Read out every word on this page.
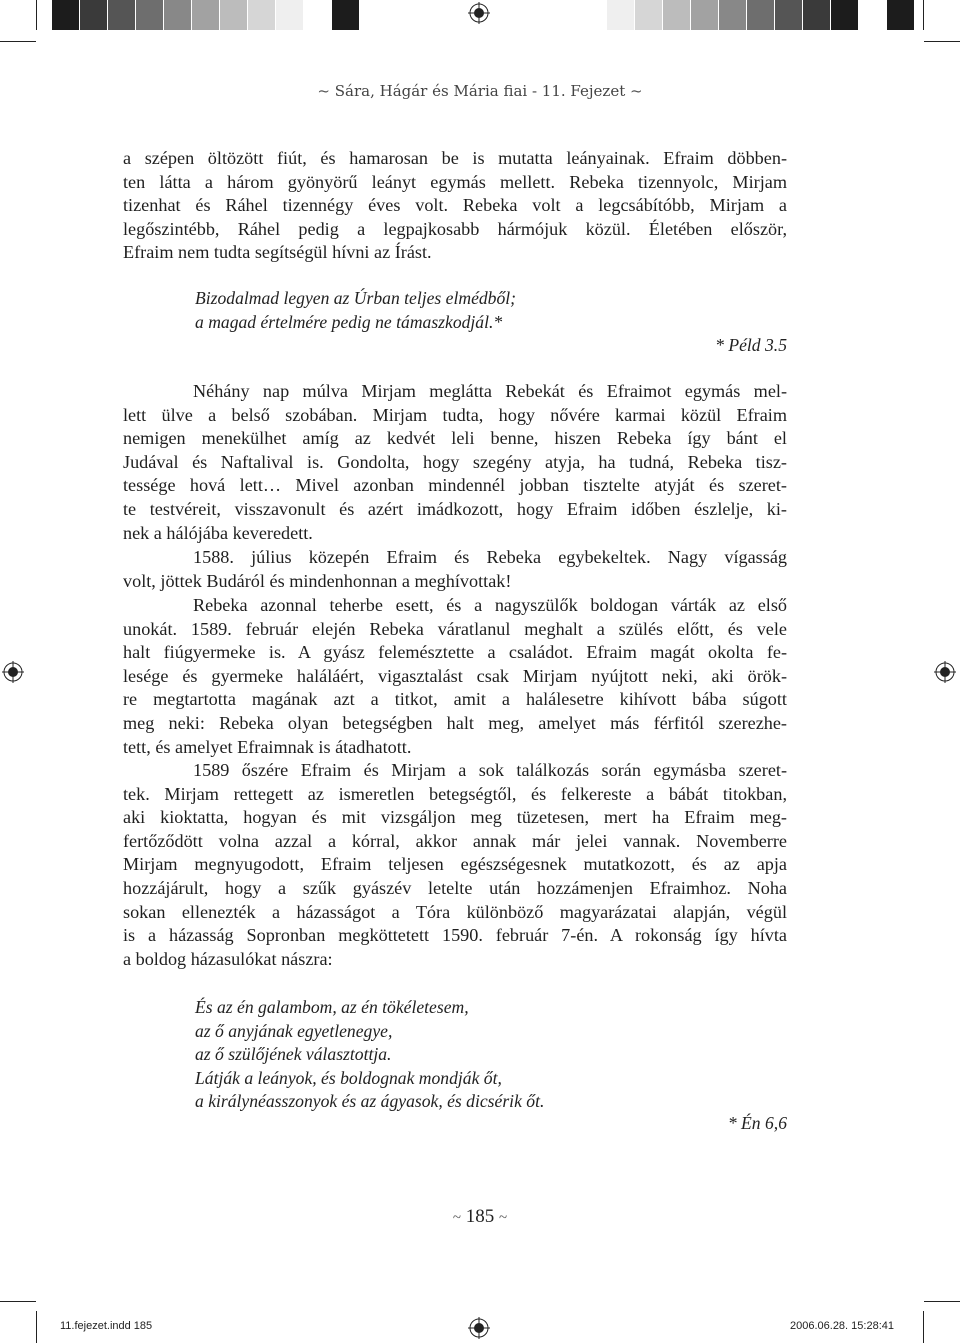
~ Sára, Hágár és Mária fiai - 11. Fejezet ~
a szépen öltözött fiút, és hamarosan be is mutatta leányainak. Efraim döbben-
ten látta a három gyönyörű leányt egymás mellett. Rebeka tizennyolc, Mirjam
tizenhat és Ráhel tizennégy éves volt. Rebeka volt a legcsábítóbb, Mirjam a
legőszintébb, Ráhel pedig a legpajkosabb hármójuk közül. Életében először,
Efraim nem tudta segítségül hívni az Írást.
Bizodalmad legyen az Úrban teljes elmédből;
a magad értelmére pedig ne támaszkodjál.*
* Péld 3.5
Néhány nap múlva Mirjam meglátta Rebekát és Efraimot egymás mel-
lett ülve a belső szobában. Mirjam tudta, hogy nővére karmai közül Efraim
nemigen menekülhet amíg az kedvét leli benne, hiszen Rebeka így bánt el
Judával és Naftalival is. Gondolta, hogy szegény atyja, ha tudná, Rebeka tisz-
tessége hová lett… Mivel azonban mindennél jobban tisztelte atyját és szeret-
te testvéreit, visszavonult és azért imádkozott, hogy Efraim időben észlelje, ki-
nek a hálójába keveredett.
1588. július közepén Efraim és Rebeka egybekeltek. Nagy vígasság
volt, jöttek Budáról és mindenhonnan a meghívottak!
Rebeka azonnal teherbe esett, és a nagyszülők boldogan várták az első
unokát. 1589. február elején Rebeka váratlanul meghalt a szülés előtt, és vele
halt fiúgyermeke is. A gyász felemésztette a családot. Efraim magát okolta fe-
lesége és gyermeke haláláért, vigasztalást csak Mirjam nyújtott neki, aki örök-
re megtartotta magának azt a titkot, amit a halálesetre kihívott bába súgott
meg neki: Rebeka olyan betegségben halt meg, amelyet más férfitól szerezhe-
tett, és amelyet Efraimnak is átadhatott.
1589 őszére Efraim és Mirjam a sok találkozás során egymásba szeret-
tek. Mirjam rettegett az ismeretlen betegségtől, és felkereste a bábát titokban,
aki kioktatta, hogyan és mit vizsgáljon meg tüzetesen, mert ha Efraim meg-
fertőződött volna azzal a kórral, akkor annak már jelei vannak. Novemberre
Mirjam megnyugodott, Efraim teljesen egészségesnek mutatkozott, és az apja
hozzájárult, hogy a szűk gyászév letelte után hozzámenjen Efraimhoz. Noha
sokan ellenezték a házasságot a Tóra különböző magyarázatai alapján, végül
is a házasság Sopronban megköttetett 1590. február 7-én. A rokonság így hívta
a boldog házasulókat nászra:
És az én galambom, az én tökéletesem,
az ő anyjának egyetlenegye,
az ő szülőjének választottja.
Látják a leányok, és boldognak mondják őt,
a királynéasszonyok és az ágyasok, és dicsérik őt.
* Én 6,6
~ 185 ~
11.fejezet.indd 185	2006.06.28. 15:28:41
